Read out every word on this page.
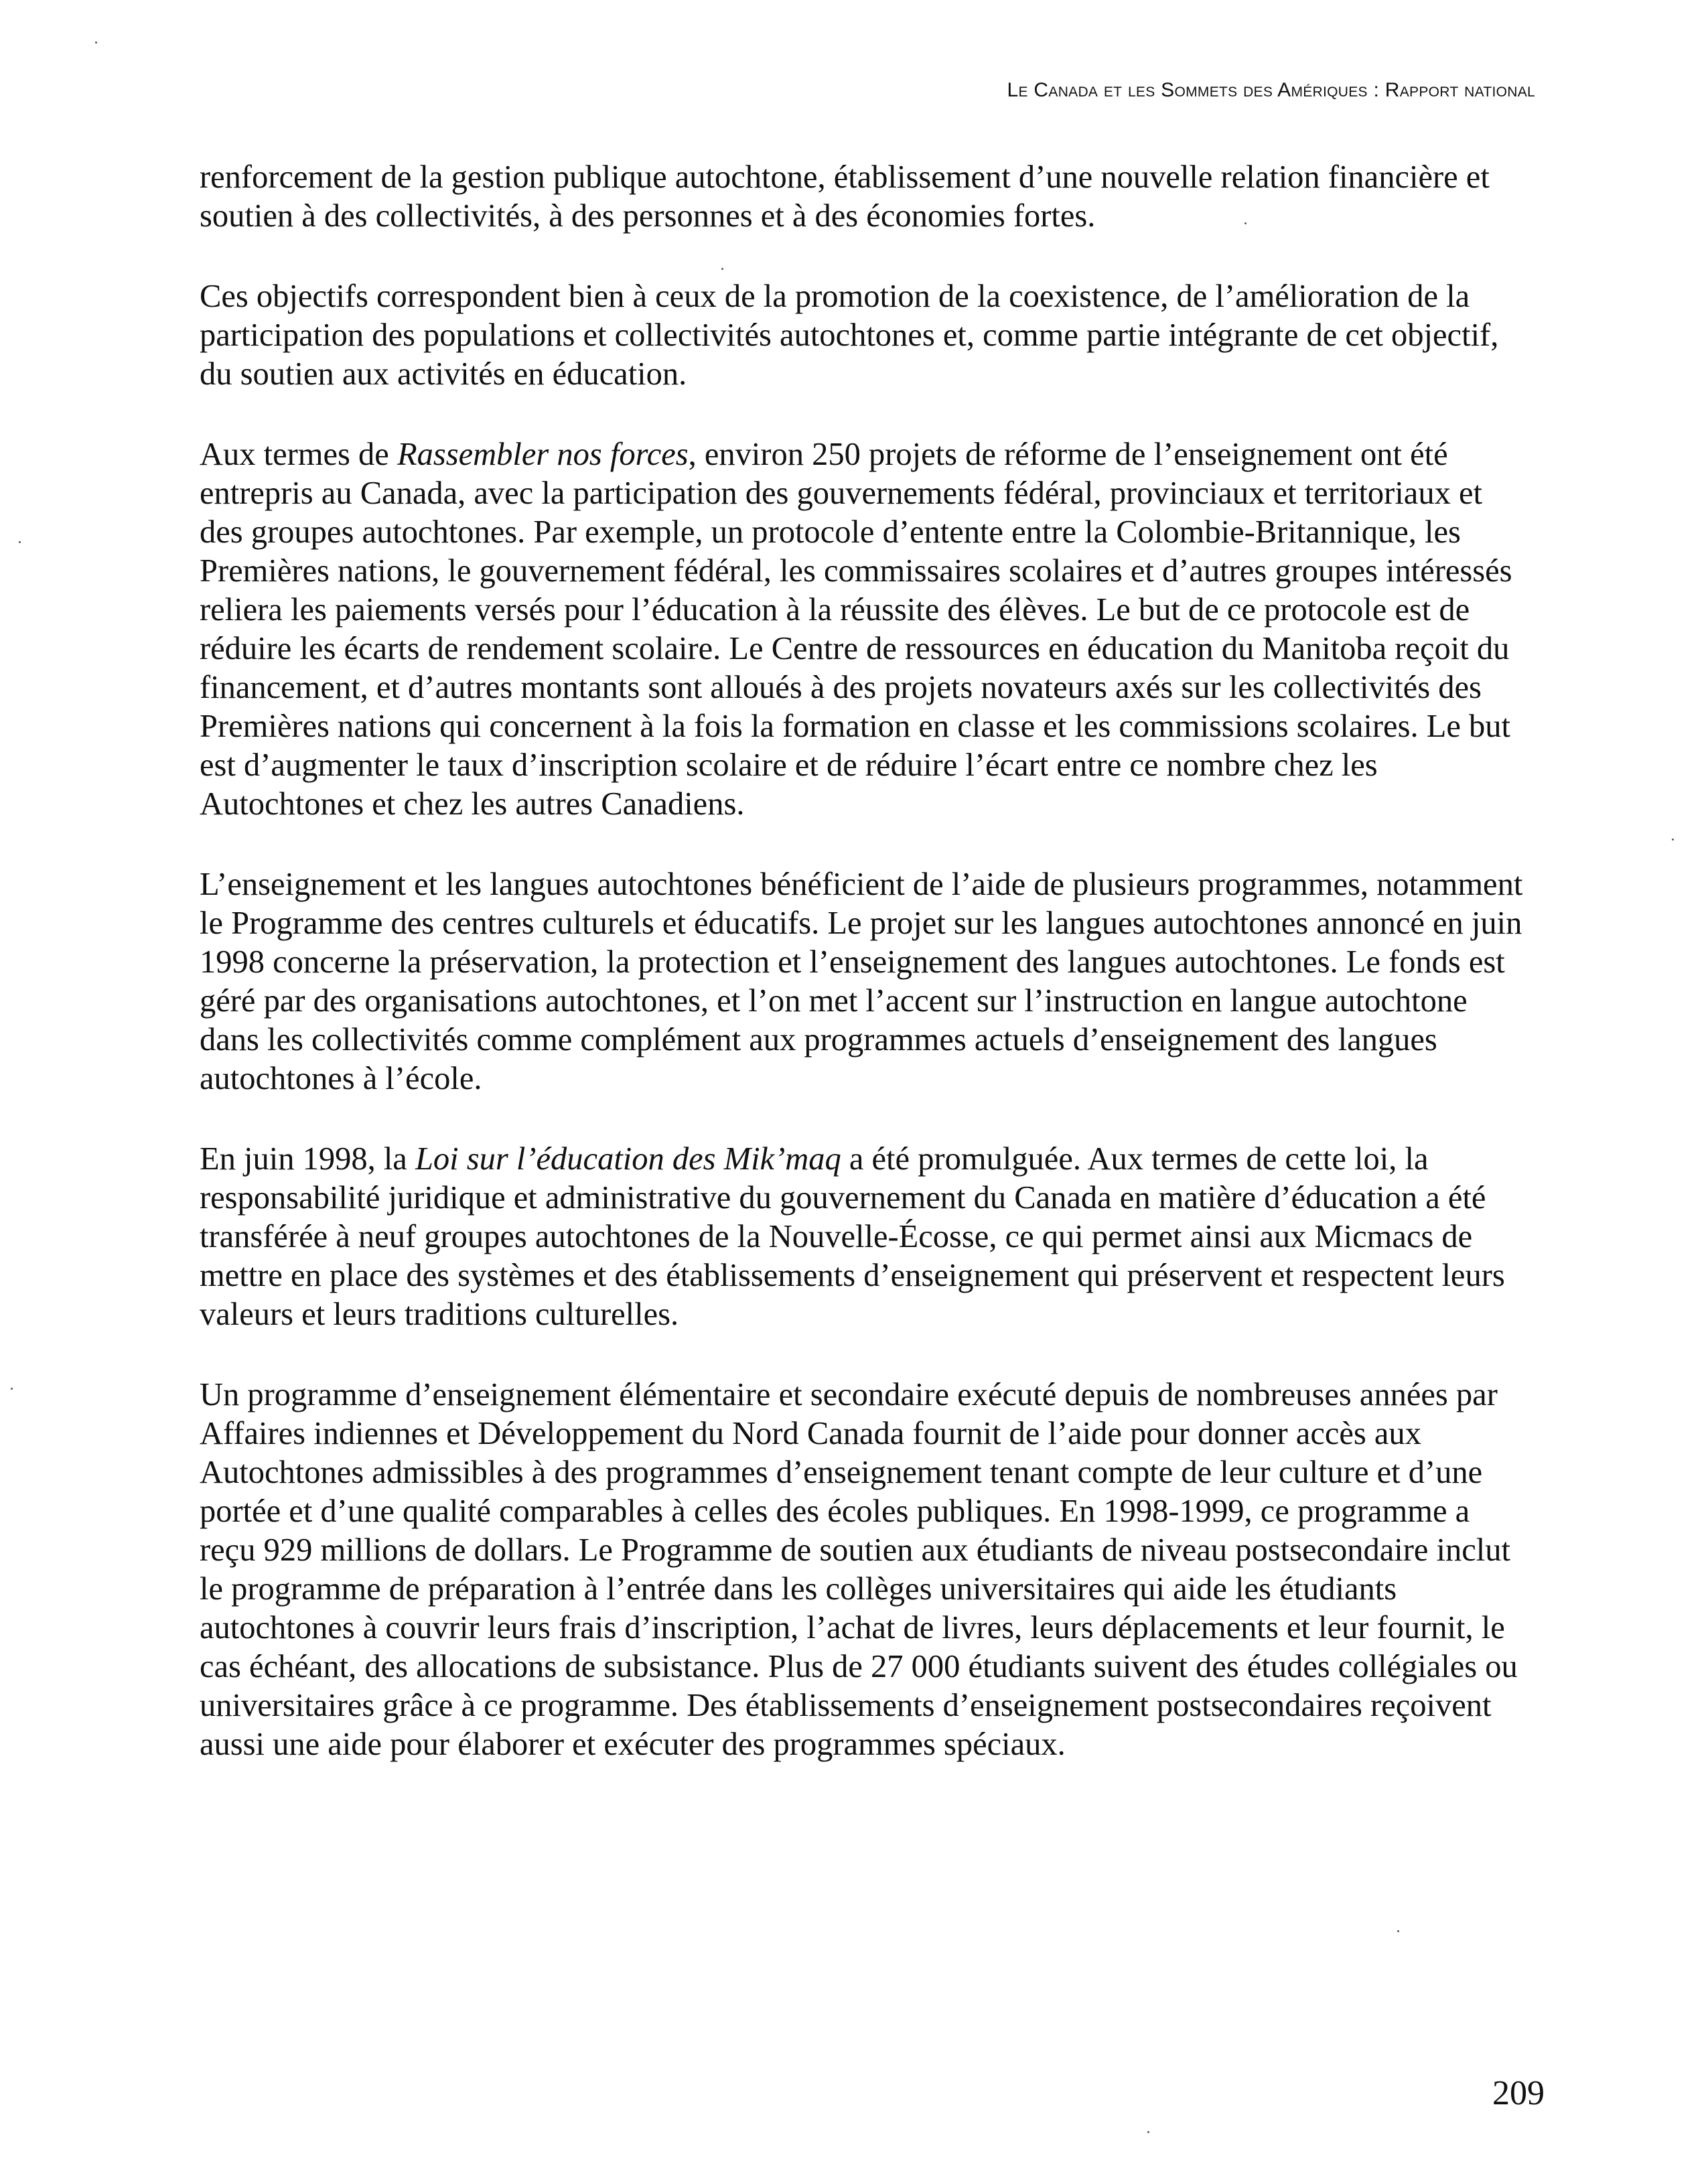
Le Canada et les Sommets des Amériques : Rapport national

renforcement de la gestion publique autochtone, établissement d’une nouvelle relation financière et soutien à des collectivités, à des personnes et à des économies fortes.

Ces objectifs correspondent bien à ceux de la promotion de la coexistence, de l’amélioration de la participation des populations et collectivités autochtones et, comme partie intégrante de cet objectif, du soutien aux activités en éducation.

Aux termes de Rassembler nos forces, environ 250 projets de réforme de l’enseignement ont été entrepris au Canada, avec la participation des gouvernements fédéral, provinciaux et territoriaux et des groupes autochtones. Par exemple, un protocole d’entente entre la Colombie-Britannique, les Premières nations, le gouvernement fédéral, les commissaires scolaires et d’autres groupes intéressés reliera les paiements versés pour l’éducation à la réussite des élèves. Le but de ce protocole est de réduire les écarts de rendement scolaire. Le Centre de ressources en éducation du Manitoba reçoit du financement, et d’autres montants sont alloués à des projets novateurs axés sur les collectivités des Premières nations qui concernent à la fois la formation en classe et les commissions scolaires. Le but est d’augmenter le taux d’inscription scolaire et de réduire l’écart entre ce nombre chez les Autochtones et chez les autres Canadiens.

L’enseignement et les langues autochtones bénéficient de l’aide de plusieurs programmes, notamment le Programme des centres culturels et éducatifs. Le projet sur les langues autochtones annoncé en juin 1998 concerne la préservation, la protection et l’enseignement des langues autochtones. Le fonds est géré par des organisations autochtones, et l’on met l’accent sur l’instruction en langue autochtone dans les collectivités comme complément aux programmes actuels d’enseignement des langues autochtones à l’école.

En juin 1998, la Loi sur l’éducation des Mik’maq a été promulguée. Aux termes de cette loi, la responsabilité juridique et administrative du gouvernement du Canada en matière d’éducation a été transférée à neuf groupes autochtones de la Nouvelle-Écosse, ce qui permet ainsi aux Micmacs de mettre en place des systèmes et des établissements d’enseignement qui préservent et respectent leurs valeurs et leurs traditions culturelles.

Un programme d’enseignement élémentaire et secondaire exécuté depuis de nombreuses années par Affaires indiennes et Développement du Nord Canada fournit de l’aide pour donner accès aux Autochtones admissibles à des programmes d’enseignement tenant compte de leur culture et d’une portée et d’une qualité comparables à celles des écoles publiques. En 1998-1999, ce programme a reçu 929 millions de dollars. Le Programme de soutien aux étudiants de niveau postsecondaire inclut le programme de préparation à l’entrée dans les collèges universitaires qui aide les étudiants autochtones à couvrir leurs frais d’inscription, l’achat de livres, leurs déplacements et leur fournit, le cas échéant, des allocations de subsistance. Plus de 27 000 étudiants suivent des études collégiales ou universitaires grâce à ce programme. Des établissements d’enseignement postsecondaires reçoivent aussi une aide pour élaborer et exécuter des programmes spéciaux.

209
